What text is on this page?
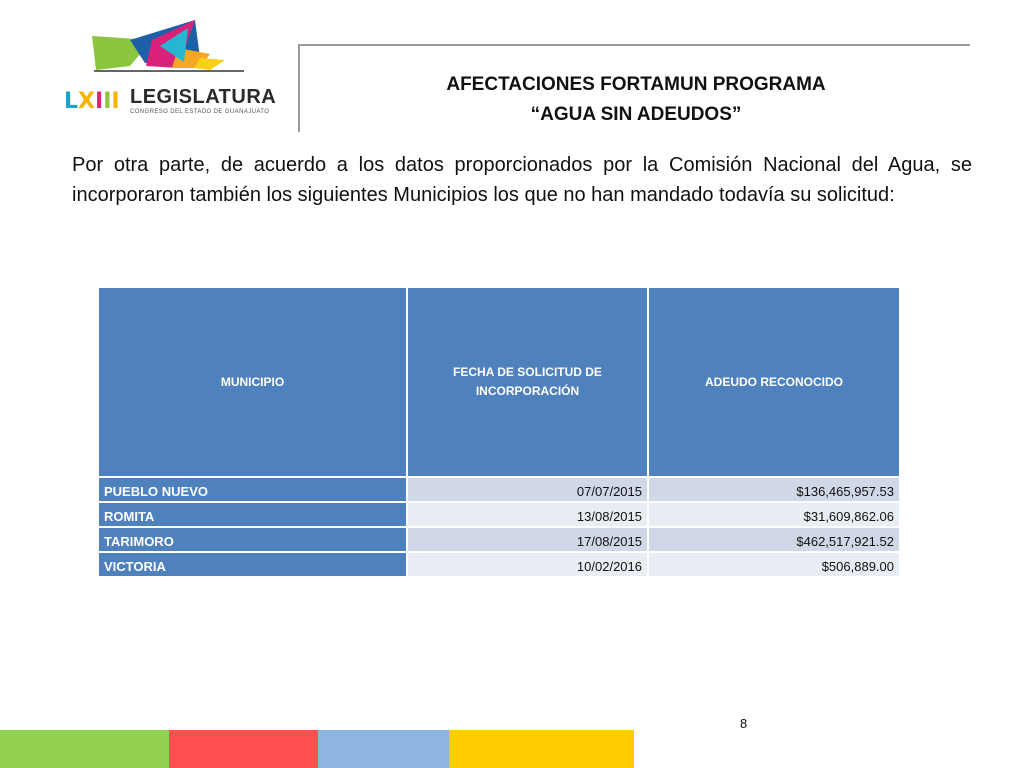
LXIII LEGISLATURA
CONGRESO DEL ESTADO DE GUANAJUATO
AFECTACIONES FORTAMUN PROGRAMA
“AGUA SIN ADEUDOS”
Por otra parte, de acuerdo a los datos proporcionados por la Comisión Nacional del Agua, se incorporaron también los siguientes Municipios los que no han mandado todavía su solicitud:
MUNICIPIO	FECHA DE SOLICITUD DE INCORPORACIÓN	ADEUDO RECONOCIDO
PUEBLO NUEVO	07/07/2015	$136,465,957.53
ROMITA	13/08/2015	$31,609,862.06
TARIMORO	17/08/2015	$462,517,921.52
VICTORIA	10/02/2016	$506,889.00
8
